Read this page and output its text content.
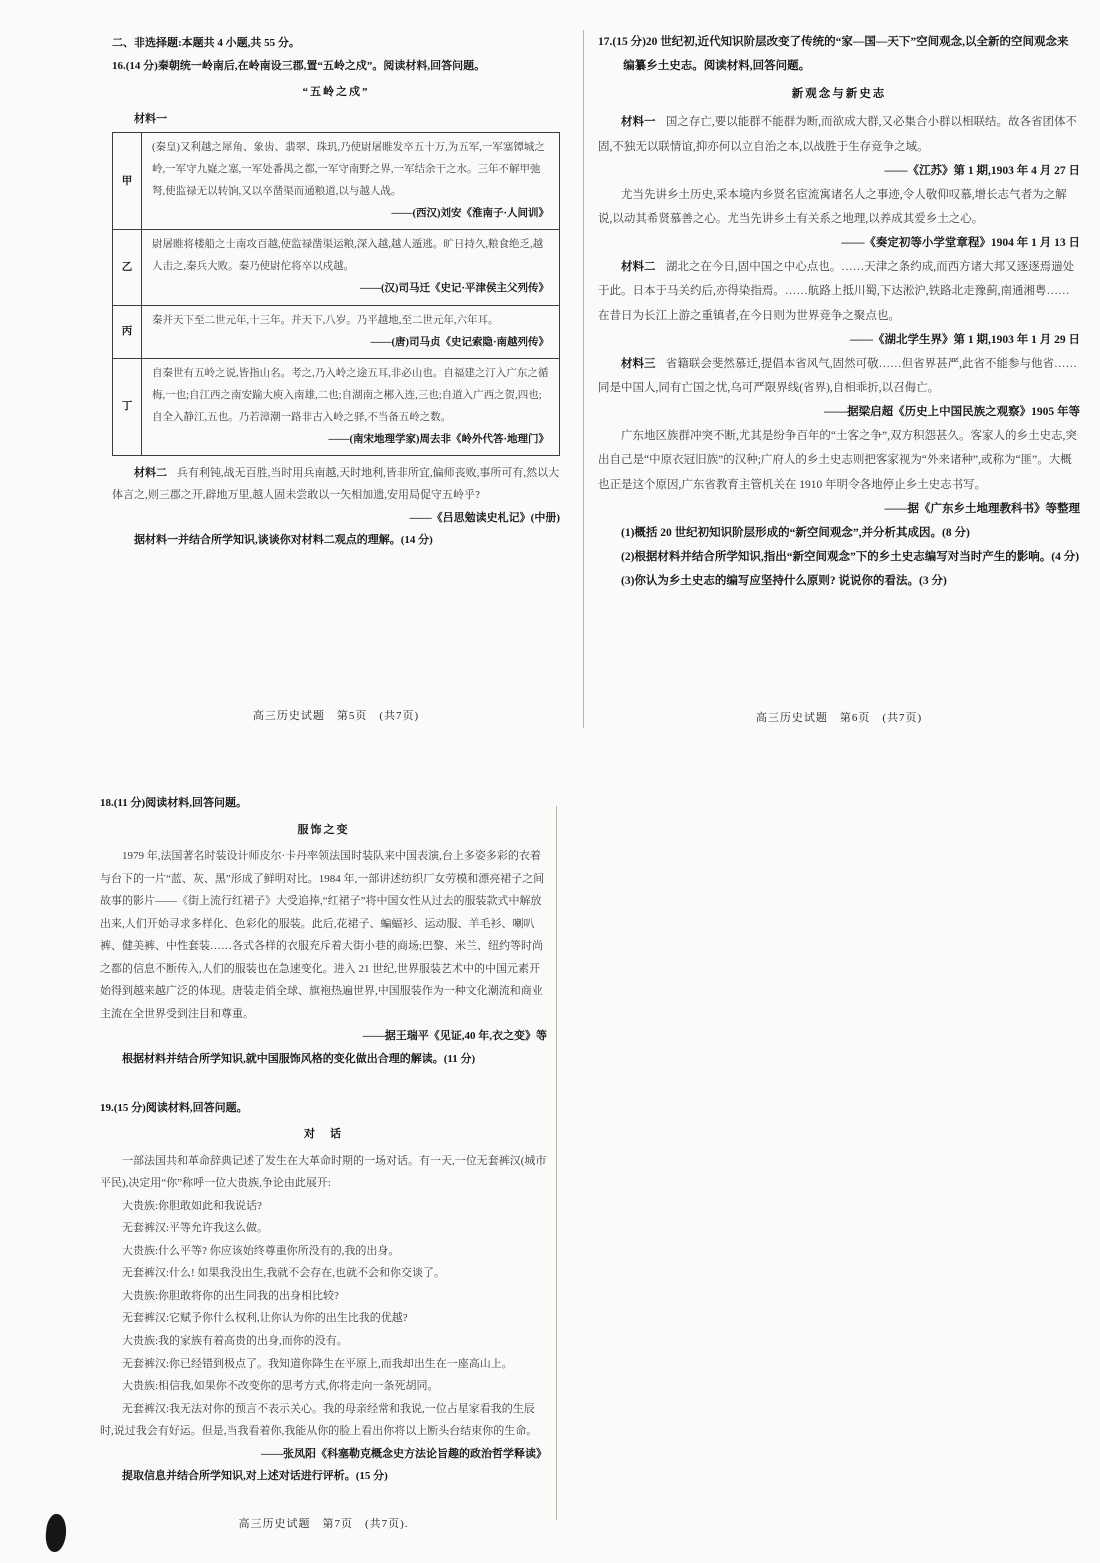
二、非选择题:本题共 4 小题,共 55 分。

16.(14 分)秦朝统一岭南后,在岭南设三郡,置“五岭之戍”。阅读材料,回答问题。

“五岭之戍”

材料一

甲	(秦皇)又利越之犀角、象齿、翡翠、珠玑,乃使尉屠睢发卒五十万,为五军,一军塞镡城之岭,一军守九嶷之塞,一军处番禺之都,一军守南野之界,一军结余干之水。三年不解甲弛弩,使监禄无以转饷,又以卒凿渠而通粮道,以与越人战。
——(西汉)刘安《淮南子·人间训》

乙	尉屠睢将楼船之士南攻百越,使监禄凿渠运粮,深入越,越人遁逃。旷日持久,粮食绝乏,越人击之,秦兵大败。秦乃使尉佗将卒以戍越。
——(汉)司马迁《史记·平津侯主父列传》

丙	秦并天下至二世元年,十三年。并天下,八岁。乃平越地,至二世元年,六年耳。
——(唐)司马贞《史记索隐·南越列传》

丁	自秦世有五岭之说,皆指山名。考之,乃入岭之途五耳,非必山也。自福建之汀入广东之循梅,一也;自江西之南安踰大庾入南雄,二也;自湖南之郴入连,三也;自道入广西之贺,四也;自全入静江,五也。乃若漳潮一路非古入岭之驿,不当备五岭之数。
——(南宋地理学家)周去非《岭外代答·地理门》

材料二 兵有利钝,战无百胜,当时用兵南越,天时地利,皆非所宜,偏师丧败,事所可有,然以大体言之,则三郡之开,辟地万里,越人固未尝敢以一矢相加遗,安用局促守五岭乎?

——《吕思勉读史札记》(中册)

据材料一并结合所学知识,谈谈你对材料二观点的理解。(14 分)

高三历史试题　第5页　(共7页)

17.(15 分)20 世纪初,近代知识阶层改变了传统的“家—国—天下”空间观念,以全新的空间观念来编纂乡土史志。阅读材料,回答问题。

新观念与新史志

材料一 国之存亡,要以能群不能群为断,而欲成大群,又必集合小群以相联结。故各省团体不固,不独无以联情谊,抑亦何以立自治之本,以战胜于生存竞争之域。

——《江苏》第 1 期,1903 年 4 月 27 日

尤当先讲乡土历史,采本境内乡贤名宦流寓诸名人之事迹,令人敬仰叹慕,增长志气者为之解说,以动其希贤慕善之心。尤当先讲乡土有关系之地理,以养成其爱乡土之心。

——《奏定初等小学堂章程》1904 年 1 月 13 日

材料二 湖北之在今日,固中国之中心点也。……天津之条约成,而西方诸大邦又逐逐焉遄处于此。日本于马关约后,亦得染指焉。……航路上抵川蜀,下达淞沪,铁路北走豫蓟,南通湘粤……在昔日为长江上游之重镇者,在今日则为世界竞争之聚点也。

——《湖北学生界》第 1 期,1903 年 1 月 29 日

材料三 省籍联会斐然慕迁,提倡本省风气,固然可敬……但省界甚严,此省不能参与他省……同是中国人,同有亡国之忧,乌可严限界线(省界),自相乖折,以召侮亡。

——据梁启超《历史上中国民族之观察》1905 年等

广东地区族群冲突不断,尤其是纷争百年的“土客之争”,双方积怨甚久。客家人的乡土史志,突出自己是“中原衣冠旧族”的汉种;广府人的乡土史志则把客家视为“外来诸种”,或称为“匪”。大概也正是这个原因,广东省教育主管机关在 1910 年明令各地停止乡土史志书写。

——据《广东乡土地理教科书》等整理

(1)概括 20 世纪初知识阶层形成的“新空间观念”,并分析其成因。(8 分)

(2)根据材料并结合所学知识,指出“新空间观念”下的乡土史志编写对当时产生的影响。(4 分)

(3)你认为乡土史志的编写应坚持什么原则? 说说你的看法。(3 分)

高三历史试题　第6页　(共7页)

18.(11 分)阅读材料,回答问题。

服饰之变

1979 年,法国著名时装设计师皮尔·卡丹率领法国时装队来中国表演,台上多姿多彩的衣着与台下的一片“蓝、灰、黑”形成了鲜明对比。1984 年,一部讲述纺织厂女劳模和漂亮裙子之间故事的影片——《街上流行红裙子》大受追捧,“红裙子”将中国女性从过去的服装款式中解放出来,人们开始寻求多样化、色彩化的服装。此后,花裙子、蝙蝠衫、运动服、羊毛衫、喇叭裤、健美裤、中性套装……各式各样的衣服充斥着大街小巷的商场;巴黎、米兰、纽约等时尚之都的信息不断传入,人们的服装也在急速变化。进入 21 世纪,世界服装艺术中的中国元素开始得到越来越广泛的体现。唐装走俏全球、旗袍热遍世界,中国服装作为一种文化潮流和商业主流在全世界受到注目和尊重。

——据王瑞平《见证,40 年,衣之变》等

根据材料并结合所学知识,就中国服饰风格的变化做出合理的解读。(11 分)

19.(15 分)阅读材料,回答问题。

对　话

一部法国共和革命辞典记述了发生在大革命时期的一场对话。有一天,一位无套裤汉(城市平民),决定用“你”称呼一位大贵族,争论由此展开:

大贵族:你胆敢如此和我说话?

无套裤汉:平等允许我这么做。

大贵族:什么平等? 你应该始终尊重你所没有的,我的出身。

无套裤汉:什么! 如果我没出生,我就不会存在,也就不会和你交谈了。

大贵族:你胆敢将你的出生同我的出身相比较?

无套裤汉:它赋予你什么权利,让你认为你的出生比我的优越?

大贵族:我的家族有着高贵的出身,而你的没有。

无套裤汉:你已经错到极点了。我知道你降生在平原上,而我却出生在一座高山上。

大贵族:相信我,如果你不改变你的思考方式,你将走向一条死胡同。

无套裤汉:我无法对你的预言不表示关心。我的母亲经常和我说,一位占星家看我的生辰时,说过我会有好运。但是,当我看着你,我能从你的脸上看出你将以上断头台结束你的生命。

——张凤阳《科塞勒克概念史方法论旨趣的政治哲学释读》

提取信息并结合所学知识,对上述对话进行评析。(15 分)

高三历史试题　第7页　(共7页).
